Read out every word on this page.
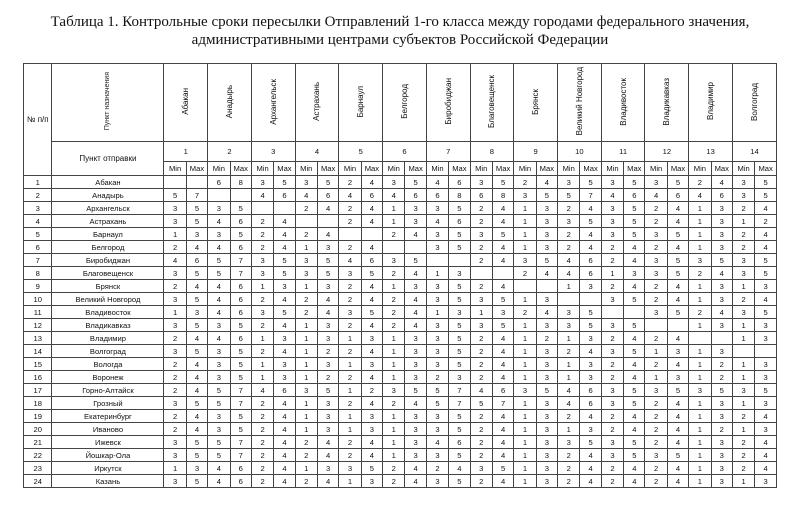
Таблица 1. Контрольные сроки пересылки Отправлений 1-го класса между городами федерального значения,
административными центрами субъектов Российской Федерации
№ п/п	Пункт назначения	Абакан		Анадырь		Архангельск		Астрахань		Барнаул		Белгород		Биробиджан		Благовещенск		Брянск		Великий Новгород		Владивосток		Владикавказ		Владимир		Волгоград	
	Пункт отправки	1		2		3		4		5		6		7		8		9		10		11		12		13		14	
		Min	Max	Min	Max	Min	Max	Min	Max	Min	Max	Min	Max	Min	Max	Min	Max	Min	Max	Min	Max	Min	Max	Min	Max	Min	Max	Min	Max
1	Абакан			6	8	3	5	3	5	2	4	3	5	4	6	3	5	2	4	3	5	3	5	3	5	2	4	3	5
2	Анадырь	5	7			4	6	4	6	4	6	4	6	6	8	6	8	3	5	5	7	4	6	4	6	4	6	3	5
3	Архангельск	3	5	3	5			2	4	2	4	1	3	3	5	2	4	1	3	2	4	3	5	2	4	1	3	2	4
4	Астрахань	3	5	4	6	2	4			2	4	1	3	4	6	2	4	1	3	3	5	3	5	2	4	1	3	1	2
5	Барнаул	1	3	3	5	2	4	2	4			2	4	3	5	3	5	1	3	2	4	3	5	3	5	1	3	2	4
6	Белгород	2	4	4	6	2	4	1	3	2	4			3	5	2	4	1	3	2	4	2	4	2	4	1	3	2	4
7	Биробиджан	4	6	5	7	3	5	3	5	4	6	3	5			2	4	3	5	4	6	2	4	3	5	3	5	3	5
8	Благовещенск	3	5	5	7	3	5	3	5	3	5	2	4	1	3			2	4	4	6	1	3	3	5	2	4	3	5
9	Брянск	2	4	4	6	1	3	1	3	2	4	1	3	3	5	2	4			1	3	2	4	2	4	1	3	1	3
10	Великий Новгород	3	5	4	6	2	4	2	4	2	4	2	4	3	5	3	5	1	3			3	5	2	4	1	3	2	4
11	Владивосток	1	3	4	6	3	5	2	4	3	5	2	4	1	3	1	3	2	4	3	5			3	5	2	4	3	5
12	Владикавказ	3	5	3	5	2	4	1	3	2	4	2	4	3	5	3	5	1	3	3	5	3	5			1	3	1	3
13	Владимир	2	4	4	6	1	3	1	3	1	3	1	3	3	5	2	4	1	2	1	3	2	4	2	4			1	3
14	Волгоград	3	5	3	5	2	4	1	2	2	4	1	3	3	5	2	4	1	3	2	4	3	5	1	3	1	3		
15	Вологда	2	4	3	5	1	3	1	3	1	3	1	3	3	5	2	4	1	3	1	3	2	4	2	4	1	2	1	3
16	Воронеж	2	4	3	5	1	3	1	2	2	4	1	3	2	3	2	4	1	3	1	3	2	4	1	3	1	2	1	3
17	Горно-Алтайск	2	4	5	7	4	6	3	5	1	2	3	5	5	7	4	6	3	5	4	6	3	5	3	5	3	5	3	5
18	Грозный	3	5	5	7	2	4	1	3	2	4	2	4	5	7	5	7	1	3	4	6	3	5	2	4	1	3	1	3
19	Екатеринбург	2	4	3	5	2	4	1	3	1	3	1	3	3	5	2	4	1	3	2	4	2	4	2	4	1	3	2	4
20	Иваново	2	4	3	5	2	4	1	3	1	3	1	3	3	5	2	4	1	3	1	3	2	4	2	4	1	2	1	3
21	Ижевск	3	5	5	7	2	4	2	4	2	4	1	3	4	6	2	4	1	3	3	5	3	5	2	4	1	3	2	4
22	Йошкар-Ола	3	5	5	7	2	4	2	4	2	4	1	3	3	5	2	4	1	3	2	4	3	5	3	5	1	3	2	4
23	Иркутск	1	3	4	6	2	4	1	3	3	5	2	4	2	4	3	5	1	3	2	4	2	4	2	4	1	3	2	4
24	Казань	3	5	4	6	2	4	2	4	1	3	2	4	3	5	2	4	1	3	2	4	2	4	2	4	1	3	1	3
